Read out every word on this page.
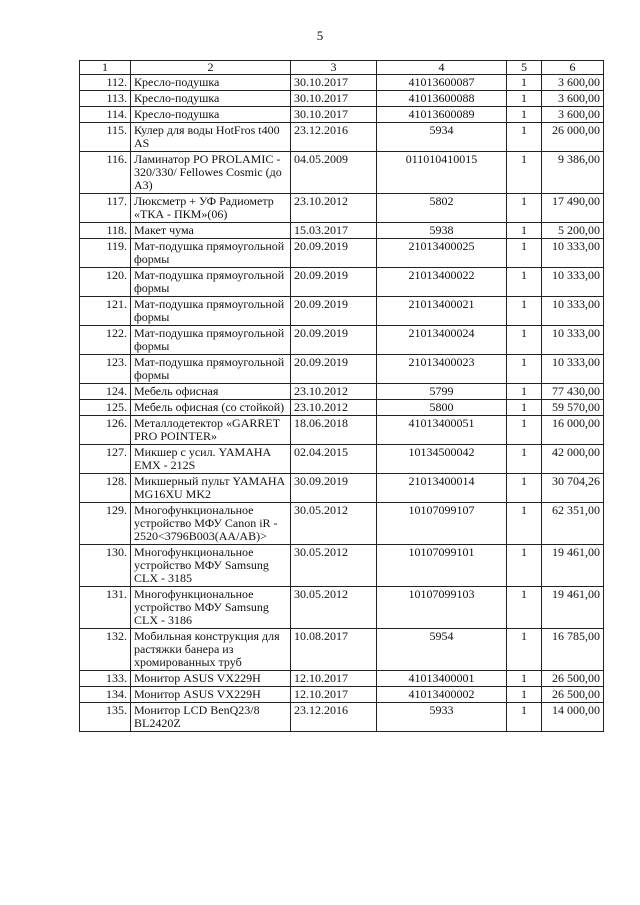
5
1	2	3	4	5	6
112.	Кресло-подушка	30.10.2017	41013600087	1	3 600,00
113.	Кресло-подушка	30.10.2017	41013600088	1	3 600,00
114.	Кресло-подушка	30.10.2017	41013600089	1	3 600,00
115.	Кулер для воды HotFros t400 AS	23.12.2016	5934	1	26 000,00
116.	Ламинатор PO PROLAMIC - 320/330/ Fellowes Cosmic (до А3)	04.05.2009	011010410015	1	9 386,00
117.	Люксметр + УФ Радиометр «ТКА - ПКМ»(06)	23.10.2012	5802	1	17 490,00
118.	Макет чума	15.03.2017	5938	1	5 200,00
119.	Мат-подушка прямоугольной формы	20.09.2019	21013400025	1	10 333,00
120.	Мат-подушка прямоугольной формы	20.09.2019	21013400022	1	10 333,00
121.	Мат-подушка прямоугольной формы	20.09.2019	21013400021	1	10 333,00
122.	Мат-подушка прямоугольной формы	20.09.2019	21013400024	1	10 333,00
123.	Мат-подушка прямоугольной формы	20.09.2019	21013400023	1	10 333,00
124.	Мебель офисная	23.10.2012	5799	1	77 430,00
125.	Мебель офисная (со стойкой)	23.10.2012	5800	1	59 570,00
126.	Металлодетектор «GARRET PRO POINTER»	18.06.2018	41013400051	1	16 000,00
127.	Микшер с усил. YAMAHA EMX - 212S	02.04.2015	10134500042	1	42 000,00
128.	Микшерный пульт YAMAHA MG16XU MK2	30.09.2019	21013400014	1	30 704,26
129.	Многофункциональное устройство МФУ Canon iR - 2520<3796B003(AA/AB)>	30.05.2012	10107099107	1	62 351,00
130.	Многофункциональное устройство МФУ Samsung CLX - 3185	30.05.2012	10107099101	1	19 461,00
131.	Многофункциональное устройство МФУ Samsung CLX - 3186	30.05.2012	10107099103	1	19 461,00
132.	Мобильная конструкция для растяжки банера из хромированных труб	10.08.2017	5954	1	16 785,00
133.	Монитор ASUS VX229H	12.10.2017	41013400001	1	26 500,00
134.	Монитор ASUS VX229H	12.10.2017	41013400002	1	26 500,00
135.	Монитор LCD BenQ23/8 BL2420Z	23.12.2016	5933	1	14 000,00
